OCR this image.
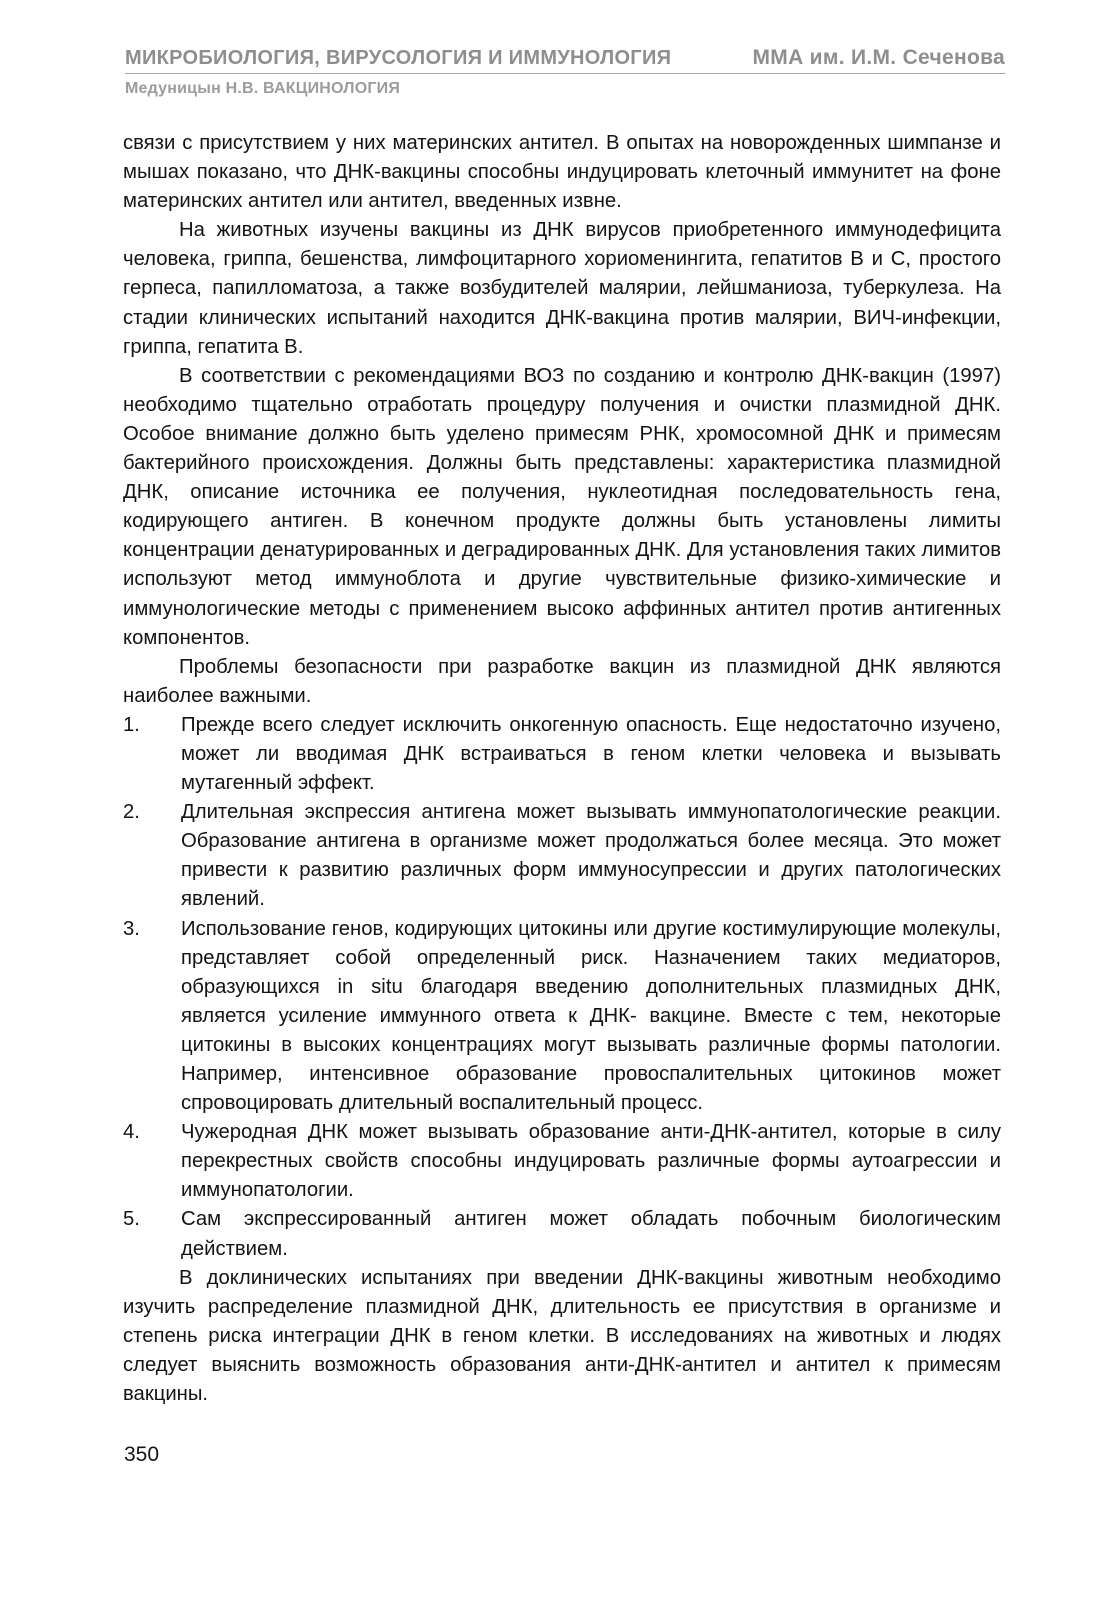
МИКРОБИОЛОГИЯ, ВИРУСОЛОГИЯ И ИММУНОЛОГИЯ	ММА им. И.М. Сеченова
Медуницын Н.В. ВАКЦИНОЛОГИЯ

связи с присутствием у них материнских антител. В опытах на новорожденных шимпанзе и мышах показано, что ДНК-вакцины способны индуцировать клеточный иммунитет на фоне материнских антител или антител, введенных извне.

На животных изучены вакцины из ДНК вирусов приобретенного иммунодефицита человека, гриппа, бешенства, лимфоцитарного хориоменингита, гепатитов В и С, простого герпеса, папилломатоза, а также возбудителей малярии, лейшманиоза, туберкулеза. На стадии клинических испытаний находится ДНК-вакцина против малярии, ВИЧ-инфекции, гриппа, гепатита В.

В соответствии с рекомендациями ВОЗ по созданию и контролю ДНК-вакцин (1997) необходимо тщательно отработать процедуру получения и очистки плазмидной ДНК. Особое внимание должно быть уделено примесям РНК, хромосомной ДНК и примесям бактерийного происхождения. Должны быть представлены: характеристика плазмидной ДНК, описание источника ее получения, нуклеотидная последовательность гена, кодирующего антиген. В конечном продукте должны быть установлены лимиты концентрации денатурированных и деградированных ДНК. Для установления таких лимитов используют метод иммуноблота и другие чувствительные физико-химические и иммунологические методы с применением высоко аффинных антител против антигенных компонентов.

Проблемы безопасности при разработке вакцин из плазмидной ДНК являются наиболее важными.

1.	Прежде всего следует исключить онкогенную опасность. Еще недостаточно изучено, может ли вводимая ДНК встраиваться в геном клетки человека и вызывать мутагенный эффект.
2.	Длительная экспрессия антигена может вызывать иммунопатологические реакции. Образование антигена в организме может продолжаться более месяца. Это может привести к развитию различных форм иммуносупрессии и других патологических явлений.
3.	Использование генов, кодирующих цитокины или другие костимулирующие молекулы, представляет собой определенный риск. Назначением таких медиаторов, образующихся in situ благодаря введению дополнительных плазмидных ДНК, является усиление иммунного ответа к ДНК- вакцине. Вместе с тем, некоторые цитокины в высоких концентрациях могут вызывать различные формы патологии. Например, интенсивное образование провоспалительных цитокинов может спровоцировать длительный воспалительный процесс.
4.	Чужеродная ДНК может вызывать образование анти-ДНК-антител, которые в силу перекрестных свойств способны индуцировать различные формы аутоагрессии и иммунопатологии.
5.	Сам экспрессированный антиген может обладать побочным биологическим действием.

В доклинических испытаниях при введении ДНК-вакцины животным необходимо изучить распределение плазмидной ДНК, длительность ее присутствия в организме и степень риска интеграции ДНК в геном клетки. В исследованиях на животных и людях следует выяснить возможность образования анти-ДНК-антител и антител к примесям вакцины.

350
